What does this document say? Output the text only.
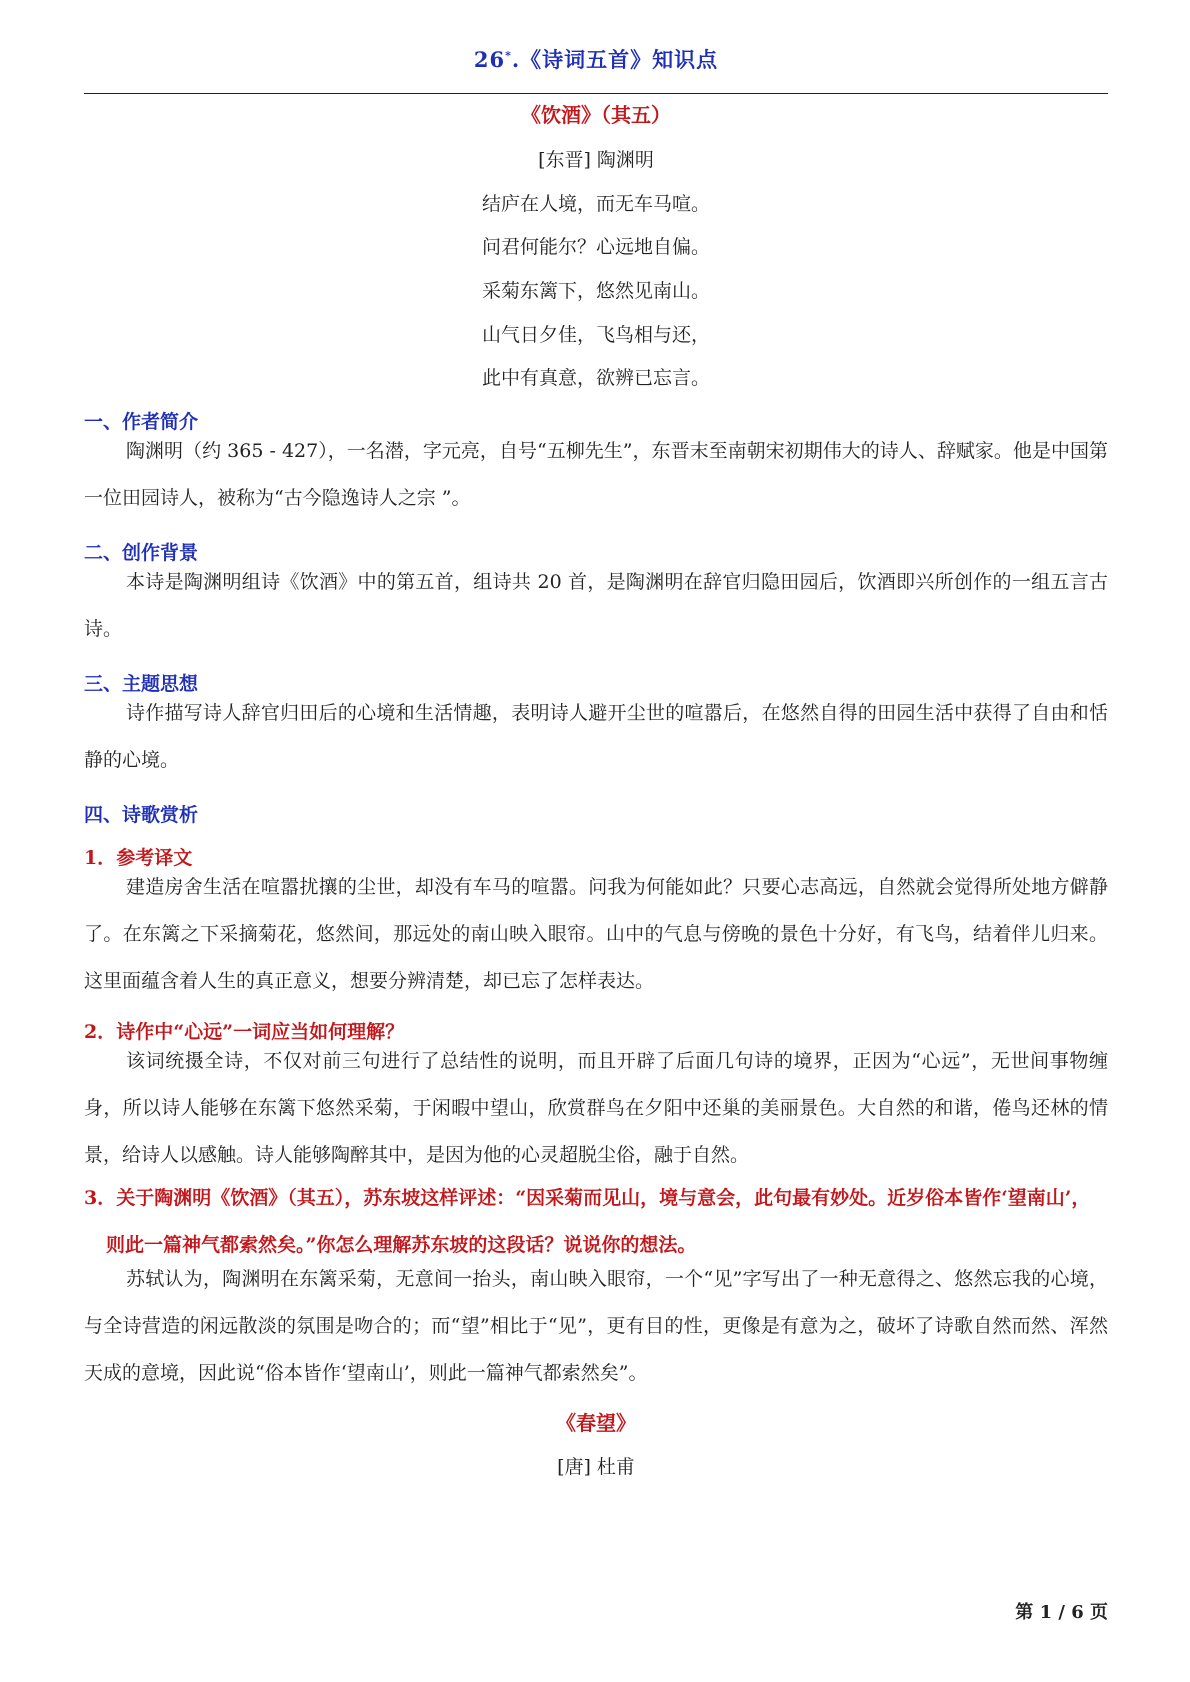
26*.《诗词五首》知识点
《饮酒》（其五）
[东晋] 陶渊明
结庐在人境，而无车马喧。
问君何能尔？心远地自偏。
采菊东篱下，悠然见南山。
山气日夕佳，飞鸟相与还，
此中有真意，欲辨已忘言。
一、作者简介
陶渊明（约 365 - 427），一名潜，字元亮，自号“五柳先生”，东晋末至南朝宋初期伟大的诗人、辞赋家。他是中国第一位田园诗人，被称为“古今隐逸诗人之宗 ”。
二、创作背景
本诗是陶渊明组诗《饮酒》中的第五首，组诗共 20 首，是陶渊明在辞官归隐田园后，饮酒即兴所创作的一组五言古诗。
三、主题思想
诗作描写诗人辞官归田后的心境和生活情趣，表明诗人避开尘世的喧嚣后，在悠然自得的田园生活中获得了自由和恬静的心境。
四、诗歌赏析
1．参考译文
建造房舍生活在喧嚣扰攘的尘世，却没有车马的喧嚣。问我为何能如此？只要心志高远，自然就会觉得所处地方僻静了。在东篱之下采摘菊花，悠然间，那远处的南山映入眼帘。山中的气息与傍晚的景色十分好，有飞鸟，结着伴儿归来。这里面蕴含着人生的真正意义，想要分辨清楚，却已忘了怎样表达。
2．诗作中“心远”一词应当如何理解？
该词统摄全诗，不仅对前三句进行了总结性的说明，而且开辟了后面几句诗的境界，正因为“心远”，无世间事物缠身，所以诗人能够在东篱下悠然采菊，于闲暇中望山，欣赏群鸟在夕阳中还巢的美丽景色。大自然的和谐，倦鸟还林的情景，给诗人以感触。诗人能够陶醉其中，是因为他的心灵超脱尘俗，融于自然。
3．关于陶渊明《饮酒》（其五），苏东坡这样评述：“因采菊而见山，境与意会，此句最有妙处。近岁俗本皆作‘望南山’，则此一篇神气都索然矣。”你怎么理解苏东坡的这段话？说说你的想法。
苏轼认为，陶渊明在东篱采菊，无意间一抬头，南山映入眼帘，一个“见”字写出了一种无意得之、悠然忘我的心境，与全诗营造的闲远散淡的氛围是吻合的；而“望”相比于“见”，更有目的性，更像是有意为之，破坏了诗歌自然而然、浑然天成的意境，因此说“俗本皆作‘望南山’，则此一篇神气都索然矣”。
《春望》
[唐] 杜甫
第 1 / 6 页
